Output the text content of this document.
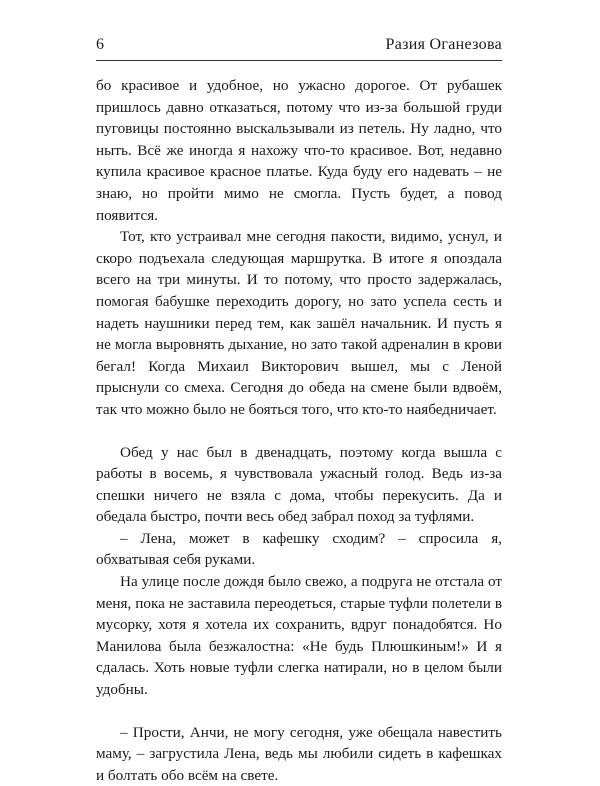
6	Разия Оганезова

бо красивое и удобное, но ужасно дорогое. От рубашек пришлось давно отказаться, потому что из-за большой груди пуговицы постоянно выскальзывали из петель. Ну ладно, что ныть. Всё же иногда я нахожу что-то красивое. Вот, недавно купила красивое красное платье. Куда буду его надевать – не знаю, но пройти мимо не смогла. Пусть будет, а повод появится.

Тот, кто устраивал мне сегодня пакости, видимо, уснул, и скоро подъехала следующая маршрутка. В итоге я опоздала всего на три минуты. И то потому, что просто задержалась, помогая бабушке переходить дорогу, но зато успела сесть и надеть наушники перед тем, как зашёл начальник. И пусть я не могла выровнять дыхание, но зато такой адреналин в крови бегал! Когда Михаил Викторович вышел, мы с Леной прыснули со смеха. Сегодня до обеда на смене были вдвоём, так что можно было не бояться того, что кто-то наябедничает.

Обед у нас был в двенадцать, поэтому когда вышла с работы в восемь, я чувствовала ужасный голод. Ведь из-за спешки ничего не взяла с дома, чтобы перекусить. Да и обедала быстро, почти весь обед забрал поход за туфлями.

– Лена, может в кафешку сходим? – спросила я, обхватывая себя руками.

На улице после дождя было свежо, а подруга не отстала от меня, пока не заставила переодеться, старые туфли полетели в мусорку, хотя я хотела их сохранить, вдруг понадобятся. Но Манилова была безжалостна: «Не будь Плюшкиным!» И я сдалась. Хоть новые туфли слегка натирали, но в целом были удобны.

– Прости, Анчи, не могу сегодня, уже обещала навестить маму, – загрустила Лена, ведь мы любили сидеть в кафешках и болтать обо всём на свете.
